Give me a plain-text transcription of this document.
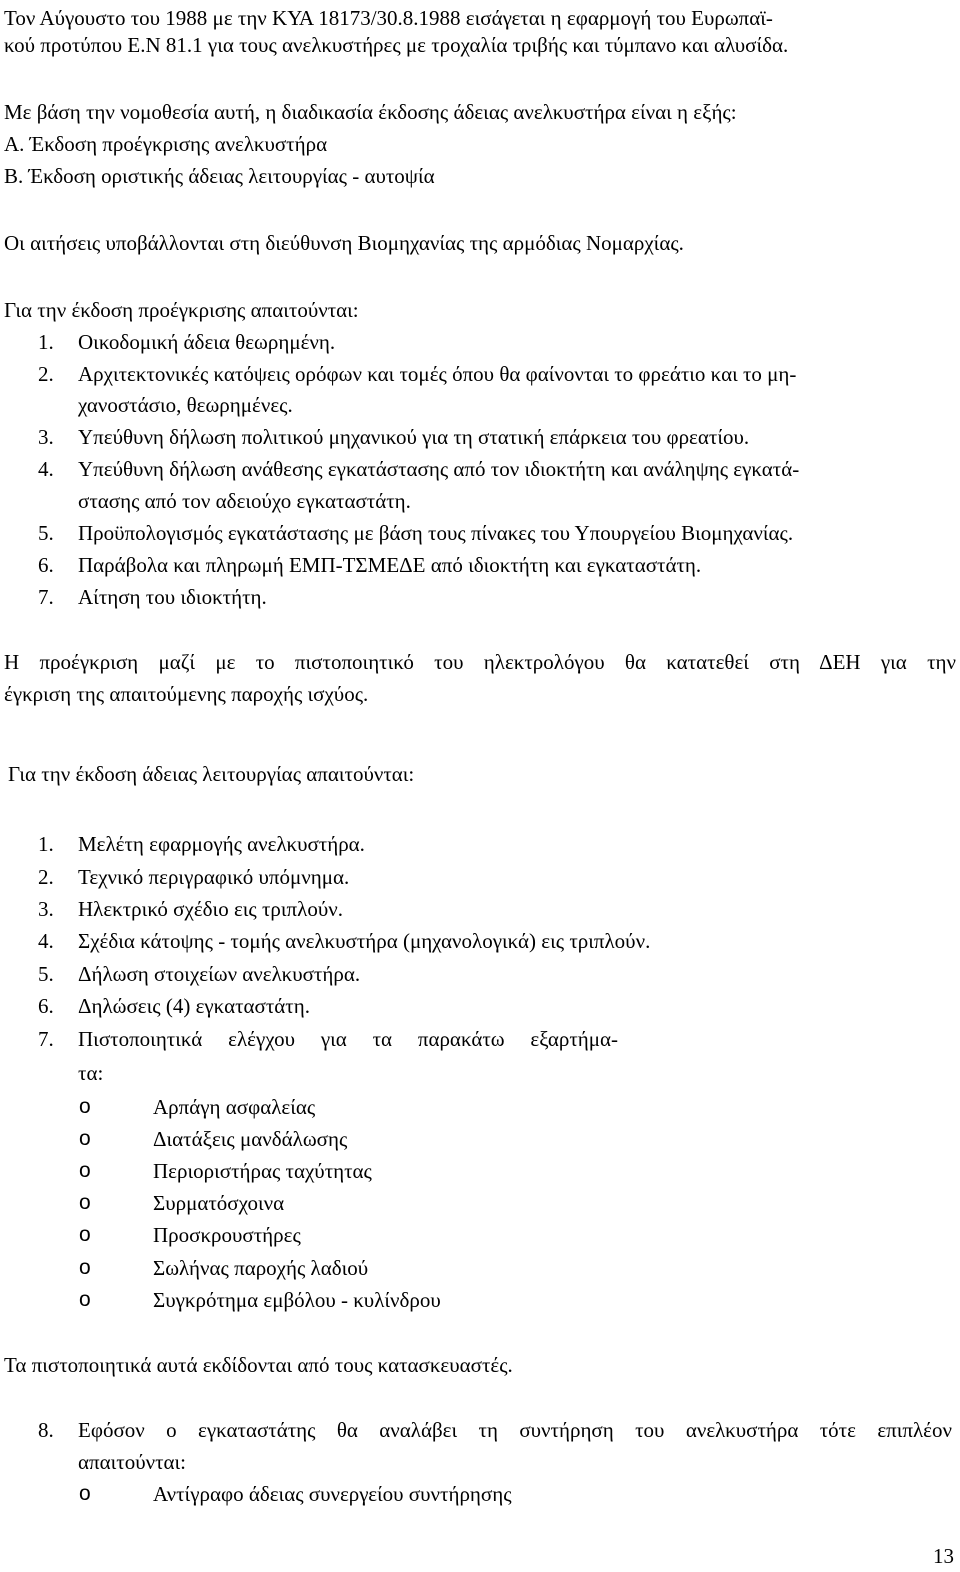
Τον Αύγουστο του 1988 με την ΚΥΑ 18173/30.8.1988 εισάγεται η εφαρμογή του Ευρωπαϊ-
κού προτύπου Ε.Ν 81.1 για τους ανελκυστήρες με τροχαλία τριβής και τύμπανο και αλυσίδα.
Με βάση την νομοθεσία αυτή, η διαδικασία έκδοσης άδειας ανελκυστήρα είναι η εξής:
Α. Έκδοση προέγκρισης ανελκυστήρα
Β. Έκδοση οριστικής άδειας λειτουργίας - αυτοψία
Οι αιτήσεις υποβάλλονται στη διεύθυνση Βιομηχανίας της αρμόδιας Νομαρχίας.
Για την έκδοση προέγκρισης απαιτούνται:
1. Οικοδομική άδεια θεωρημένη.
2. Αρχιτεκτονικές κατόψεις ορόφων και τομές όπου θα φαίνονται το φρεάτιο και το μη-
χανοστάσιο, θεωρημένες.
3. Υπεύθυνη δήλωση πολιτικού μηχανικού για τη στατική επάρκεια του φρεατίου.
4. Υπεύθυνη δήλωση ανάθεσης εγκατάστασης από τον ιδιοκτήτη και ανάληψης εγκατά-
στασης από τον αδειούχο εγκαταστάτη.
5. Προϋπολογισμός εγκατάστασης με βάση τους πίνακες του Υπουργείου Βιομηχανίας.
6. Παράβολα και πληρωμή ΕΜΠ-ΤΣΜΕΔΕ από ιδιοκτήτη και εγκαταστάτη.
7. Αίτηση του ιδιοκτήτη.
Η προέγκριση μαζί με το πιστοποιητικό του ηλεκτρολόγου θα κατατεθεί στη ΔΕΗ για την
έγκριση της απαιτούμενης παροχής ισχύος.
Για την έκδοση άδειας λειτουργίας απαιτούνται:
1. Μελέτη εφαρμογής ανελκυστήρα.
2. Τεχνικό περιγραφικό υπόμνημα.
3. Ηλεκτρικό σχέδιο εις τριπλούν.
4. Σχέδια κάτοψης - τομής ανελκυστήρα (μηχανολογικά) εις τριπλούν.
5. Δήλωση στοιχείων ανελκυστήρα.
6. Δηλώσεις (4) εγκαταστάτη.
7. Πιστοποιητικά ελέγχου για τα παρακάτω εξαρτήμα-
τα:
o	Αρπάγη ασφαλείας
o	Διατάξεις μανδάλωσης
o	Περιοριστήρας ταχύτητας
o	Συρματόσχοινα
o	Προσκρουστήρες
o	Σωλήνας παροχής λαδιού
o	Συγκρότημα εμβόλου - κυλίνδρου
Τα πιστοποιητικά αυτά εκδίδονται από τους κατασκευαστές.
8. Εφόσον ο εγκαταστάτης θα αναλάβει τη συντήρηση του ανελκυστήρα τότε επιπλέον
απαιτούνται:
o	Αντίγραφο άδειας συνεργείου συντήρησης
13
